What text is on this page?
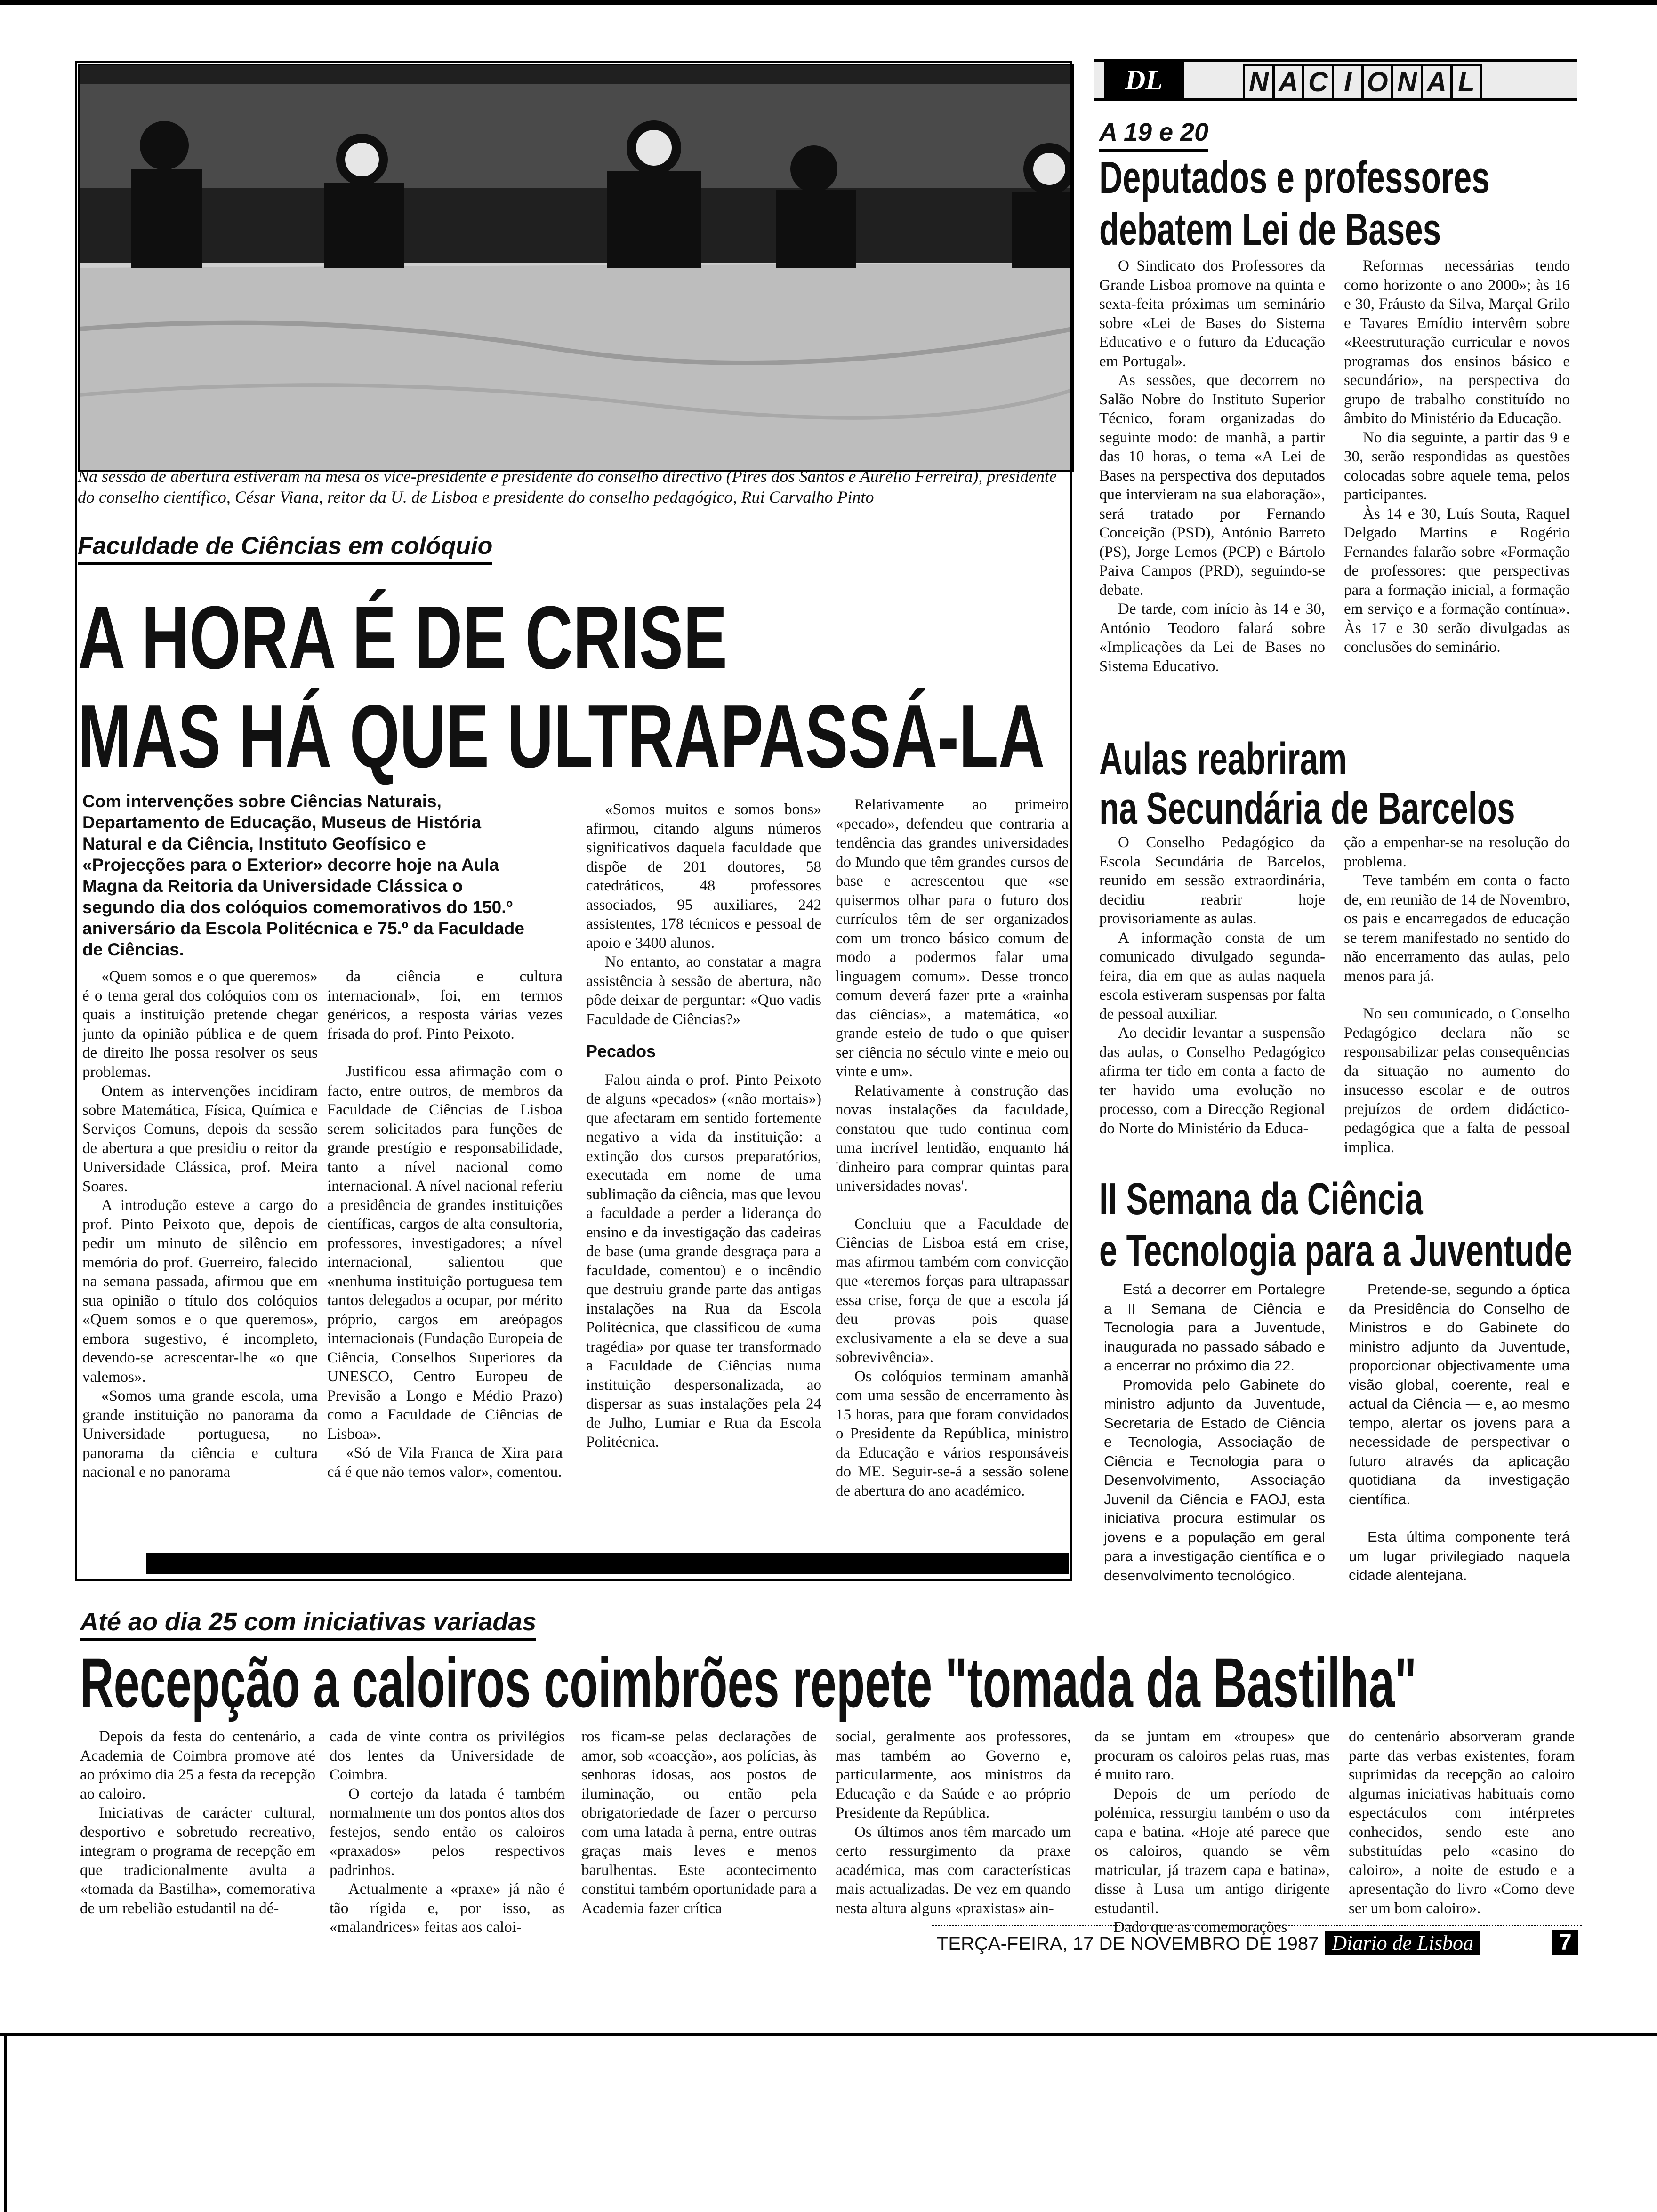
Na sessão de abertura estiveram na mesa os vice-presidente e presidente do conselho directivo (Pires dos Santos e Aurélio Ferreira), presidente do conselho científico, César Viana, reitor da U. de Lisboa e presidente do conselho pedagógico, Rui Carvalho Pinto
Faculdade de Ciências em colóquio
A HORA É DE CRISE
MAS HÁ QUE ULTRAPASSÁ-LA
Com intervenções sobre Ciências Naturais, Departamento de Educação, Museus de História Natural e da Ciência, Instituto Geofísico e «Projecções para o Exterior» decorre hoje na Aula Magna da Reitoria da Universidade Clássica o segundo dia dos colóquios comemorativos do 150.º aniversário da Escola Politécnica e 75.º da Faculdade de Ciências.

«Quem somos e o que queremos» é o tema geral dos colóquios com os quais a instituição pretende chegar junto da opinião pública e de quem de direito lhe possa resolver os seus problemas.

Ontem as intervenções incidiram sobre Matemática, Física, Química e Serviços Comuns, depois da sessão de abertura a que presidiu o reitor da Universidade Clássica, prof. Meira Soares.

A introdução esteve a cargo do prof. Pinto Peixoto que, depois de pedir um minuto de silêncio em memória do prof. Guerreiro, falecido na semana passada, afirmou que em sua opinião o título dos colóquios «Quem somos e o que queremos», embora sugestivo, é incompleto, devendo-se acrescentar-lhe «o que valemos».

«Somos uma grande escola, uma grande instituição no panorama da Universidade portuguesa, no panorama da ciência e cultura nacional e no panorama

da ciência e cultura internacional», foi, em termos genéricos, a resposta várias vezes frisada do prof. Pinto Peixoto.

Justificou essa afirmação com o facto, entre outros, de membros da Faculdade de Ciências de Lisboa serem solicitados para funções de grande prestígio e responsabilidade, tanto a nível nacional como internacional. A nível nacional referiu a presidência de grandes instituições científicas, cargos de alta consultoria, professores, investigadores; a nível internacional, salientou que «nenhuma instituição portuguesa tem tantos delegados a ocupar, por mérito próprio, cargos em areópagos internacionais (Fundação Europeia de Ciência, Conselhos Superiores da UNESCO, Centro Europeu de Previsão a Longo e Médio Prazo) como a Faculdade de Ciências de Lisboa».

«Só de Vila Franca de Xira para cá é que não temos valor», comentou.

«Somos muitos e somos bons» afirmou, citando alguns números significativos daquela faculdade que dispõe de 201 doutores, 58 catedráticos, 48 professores associados, 95 auxiliares, 242 assistentes, 178 técnicos e pessoal de apoio e 3400 alunos.

No entanto, ao constatar a magra assistência à sessão de abertura, não pôde deixar de perguntar: «Quo vadis Faculdade de Ciências?»

Pecados

Falou ainda o prof. Pinto Peixoto de alguns «pecados» («não mortais») que afectaram em sentido fortemente negativo a vida da instituição: a extinção dos cursos preparatórios, executada em nome de uma sublimação da ciência, mas que levou a faculdade a perder a liderança do ensino e da investigação das cadeiras de base (uma grande desgraça para a faculdade, comentou) e o incêndio que destruiu grande parte das antigas instalações na Rua da Escola Politécnica, que classificou de «uma tragédia» por quase ter transformado a Faculdade de Ciências numa instituição despersonalizada, ao dispersar as suas instalações pela 24 de Julho, Lumiar e Rua da Escola Politécnica.

Relativamente ao primeiro «pecado», defendeu que contraria a tendência das grandes universidades do Mundo que têm grandes cursos de base e acrescentou que «se quisermos olhar para o futuro dos currículos têm de ser organizados com um tronco básico comum de modo a podermos falar uma linguagem comum». Desse tronco comum deverá fazer prte a «rainha das ciências», a matemática, «o grande esteio de tudo o que quiser ser ciência no século vinte e meio ou vinte e um».

Relativamente à construção das novas instalações da faculdade, constatou que tudo continua com uma incrível lentidão, enquanto há 'dinheiro para comprar quintas para universidades novas'.

Concluiu que a Faculdade de Ciências de Lisboa está em crise, mas afirmou também com convicção que «teremos forças para ultrapassar essa crise, força de que a escola já deu provas pois quase exclusivamente a ela se deve a sua sobrevivência».

Os colóquios terminam amanhã com uma sessão de encerramento às 15 horas, para que foram convidados o Presidente da República, ministro da Educação e vários responsáveis do ME. Seguir-se-á a sessão solene de abertura do ano académico.

DL	N A C I O N A L
A 19 e 20
Deputados e professores
debatem Lei de Bases

O Sindicato dos Professores da Grande Lisboa promove na quinta e sexta-feita próximas um seminário sobre «Lei de Bases do Sistema Educativo e o futuro da Educação em Portugal».

As sessões, que decorrem no Salão Nobre do Instituto Superior Técnico, foram organizadas do seguinte modo: de manhã, a partir das 10 horas, o tema «A Lei de Bases na perspectiva dos deputados que intervieram na sua elaboração», será tratado por Fernando Conceição (PSD), António Barreto (PS), Jorge Lemos (PCP) e Bártolo Paiva Campos (PRD), seguindo-se debate.

De tarde, com início às 14 e 30, António Teodoro falará sobre «Implicações da Lei de Bases no Sistema Educativo.

Reformas necessárias tendo como horizonte o ano 2000»; às 16 e 30, Fráusto da Silva, Marçal Grilo e Tavares Emídio intervêm sobre «Reestruturação curricular e novos programas dos ensinos básico e secundário», na perspectiva do grupo de trabalho constituído no âmbito do Ministério da Educação.

No dia seguinte, a partir das 9 e 30, serão respondidas as questões colocadas sobre aquele tema, pelos participantes.

Às 14 e 30, Luís Souta, Raquel Delgado Martins e Rogério Fernandes falarão sobre «Formação de professores: que perspectivas para a formação inicial, a formação em serviço e a formação contínua». Às 17 e 30 serão divulgadas as conclusões do seminário.

Aulas reabriram
na Secundária de Barcelos

O Conselho Pedagógico da Escola Secundária de Barcelos, reunido em sessão extraordinária, decidiu reabrir hoje provisoriamente as aulas.

A informação consta de um comunicado divulgado segunda-feira, dia em que as aulas naquela escola estiveram suspensas por falta de pessoal auxiliar.

Ao decidir levantar a suspensão das aulas, o Conselho Pedagógico afirma ter tido em conta a facto de ter havido uma evolução no processo, com a Direcção Regional do Norte do Ministério da Educa-

ção a empenhar-se na resolução do problema.

Teve também em conta o facto de, em reunião de 14 de Novembro, os pais e encarregados de educação se terem manifestado no sentido do não encerramento das aulas, pelo menos para já.

No seu comunicado, o Conselho Pedagógico declara não se responsabilizar pelas consequências da situação no aumento do insucesso escolar e de outros prejuízos de ordem didáctico-pedagógica que a falta de pessoal implica.

II Semana da Ciência
e Tecnologia para a Juventude

Está a decorrer em Portalegre a II Semana de Ciência e Tecnologia para a Juventude, inaugurada no passado sábado e a encerrar no próximo dia 22.

Promovida pelo Gabinete do ministro adjunto da Juventude, Secretaria de Estado de Ciência e Tecnologia, Associação de Ciência e Tecnologia para o Desenvolvimento, Associação Juvenil da Ciência e FAOJ, esta iniciativa procura estimular os jovens e a população em geral para a investigação científica e o desenvolvimento tecnológico.

Pretende-se, segundo a óptica da Presidência do Conselho de Ministros e do Gabinete do ministro adjunto da Juventude, proporcionar objectivamente uma visão global, coerente, real e actual da Ciência — e, ao mesmo tempo, alertar os jovens para a necessidade de perspectivar o futuro através da aplicação quotidiana da investigação científica.

Esta última componente terá um lugar privilegiado naquela cidade alentejana.

Até ao dia 25 com iniciativas variadas
Recepção a caloiros coimbrões repete "tomada da Bastilha"

Depois da festa do centenário, a Academia de Coimbra promove até ao próximo dia 25 a festa da recepção ao caloiro.

Iniciativas de carácter cultural, desportivo e sobretudo recreativo, integram o programa de recepção em que tradicionalmente avulta a «tomada da Bastilha», comemorativa de um rebelião estudantil na dé-

cada de vinte contra os privilégios dos lentes da Universidade de Coimbra.

O cortejo da latada é também normalmente um dos pontos altos dos festejos, sendo então os caloiros «praxados» pelos respectivos padrinhos.

Actualmente a «praxe» já não é tão rígida e, por isso, as «malandrices» feitas aos caloi-

ros ficam-se pelas declarações de amor, sob «coacção», aos polícias, às senhoras idosas, aos postos de iluminação, ou então pela obrigatoriedade de fazer o percurso com uma latada à perna, entre outras graças mais leves e menos barulhentas. Este acontecimento constitui também oportunidade para a Academia fazer crítica

social, geralmente aos professores, mas também ao Governo e, particularmente, aos ministros da Educação e da Saúde e ao próprio Presidente da República.

Os últimos anos têm marcado um certo ressurgimento da praxe académica, mas com características mais actualizadas. De vez em quando nesta altura alguns «praxistas» ain-

da se juntam em «troupes» que procuram os caloiros pelas ruas, mas é muito raro.

Depois de um período de polémica, ressurgiu também o uso da capa e batina. «Hoje até parece que os caloiros, quando se vêm matricular, já trazem capa e batina», disse à Lusa um antigo dirigente estudantil.

Dado que as comemorações

do centenário absorveram grande parte das verbas existentes, foram suprimidas da recepção ao caloiro algumas iniciativas habituais como espectáculos com intérpretes conhecidos, sendo este ano substituídas pelo «casino do caloiro», a noite de estudo e a apresentação do livro «Como deve ser um bom caloiro».

TERÇA-FEIRA, 17 DE NOVEMBRO DE 1987 Diario de Lisboa	7
